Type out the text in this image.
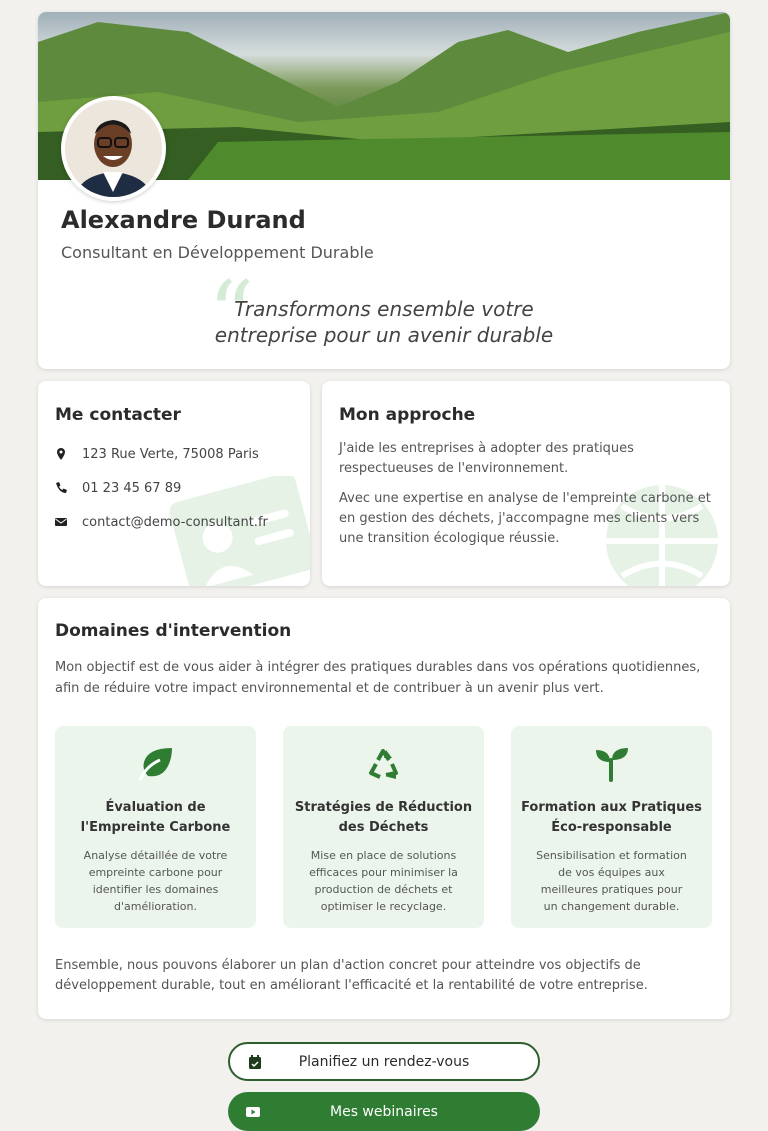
Alexandre Durand
Consultant en Développement Durable
“
Transformons ensemble votre entreprise pour un avenir durable
Me contacter
123 Rue Verte, 75008 Paris
01 23 45 67 89
contact@demo-consultant.fr
Mon approche

J'aide les entreprises à adopter des pratiques respectueuses de l'environnement.

Avec une expertise en analyse de l'empreinte carbone et en gestion des déchets, j'accompagne mes clients vers une transition écologique réussie.

Domaines d'intervention

Mon objectif est de vous aider à intégrer des pratiques durables dans vos opérations quotidiennes, afin de réduire votre impact environnemental et de contribuer à un avenir plus vert.

Évaluation de l'Empreinte Carbone

Analyse détaillée de votre empreinte carbone pour identifier les domaines d'amélioration.

Stratégies de Réduction des Déchets

Mise en place de solutions efficaces pour minimiser la production de déchets et optimiser le recyclage.

Formation aux Pratiques Éco-responsable

Sensibilisation et formation de vos équipes aux meilleures pratiques pour un changement durable.

Ensemble, nous pouvons élaborer un plan d'action concret pour atteindre vos objectifs de développement durable, tout en améliorant l'efficacité et la rentabilité de votre entreprise.

Planifiez un rendez-vous
Mes webinaires
